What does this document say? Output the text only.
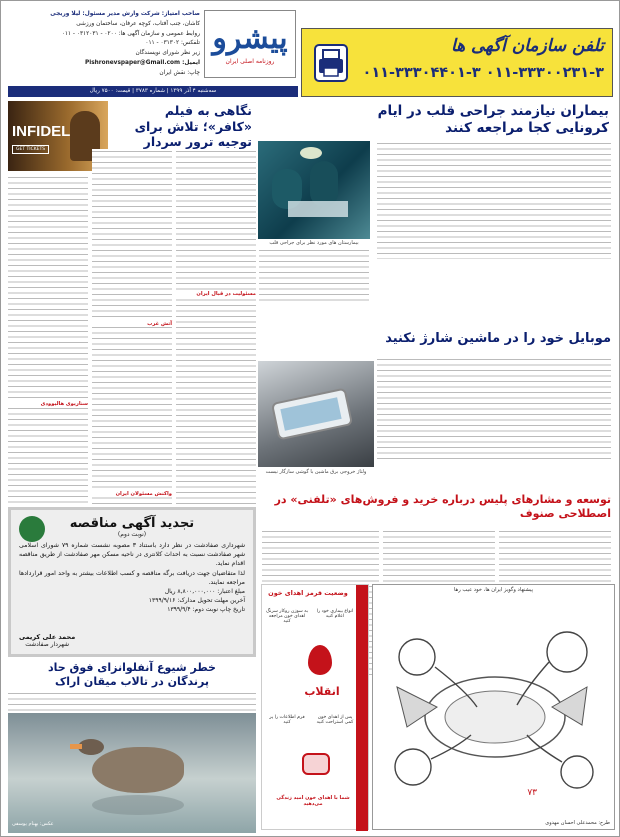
تلفن سازمان آگهی ها
۰۱۱-۳۳۳۰۴۴۰۱-۳ ۰۱۱-۳۳۳۰۰۲۳۱-۳
پیشرو
روزنامه اصلی ایران
صاحب امتیاز: شرکت وارش مدیر مسئول: لیلا وریجی
کاشان، جنب آفتاب، کوچه عرفان، ساختمان ورزشی
روابط عمومی و سازمان آگهی ها: ۰۲۰۰ - ۰۳۱۲۰۳۱ - ۰۱۱
تلفکس: ۰۳۱۳۰۲ - ۰۱۱
زیر نظر شورای نویسندگان
ایمیل: Pishronevspaper@Gmail.com
چاپ: نقش ایران
سه‌شنبه ۴ آذر ۱۳۹۹ | شماره ۳۷۸۳ | قیمت: ۷۵۰۰ ریال
بیماران نیازمند جراحی قلب در ایام کرونایی کجا مراجعه کنند
بیمارستان های مورد نظر برای جراحی قلب
نگاهی به فیلم «کافر»؛ تلاش برای توجیه ترور سردار
INFIDEL
GET TICKETS
مسئولیت در قبال ایران
آتش غرب
سناریوی هالیوودی
واکنش مسئولان ایران
موبایل خود را در ماشین شارژ نکنید
ولتاژ خروجی برق ماشین با گوشی سازگار نیست
توسعه و مشارهای پلیس درباره خرید و فروش‌های «تلفنی» در اصطلاحی صنوف
تجدید آگهی مناقصه
(نوبت دوم)
شهرداری صفادشت در نظر دارد باستناد ۳ مصوبه نشست شماره ۷۹ شورای اسلامی شهر صفادشت نسبت به احداث کلانتری در ناحیه مسکن مهر صفادشت از طریق مناقصه اقدام نماید.
لذا متقاضیان جهت دریافت برگه مناقصه و کسب اطلاعات بیشتر به واحد امور قراردادها مراجعه نمایند.
مبلغ اعتبار: ۸,۸۰۰,۰۰۰,۰۰۰ ریال
آخرین مهلت تحویل مدارک: ۱۳۹۹/۹/۱۶
تاریخ چاپ نوبت دوم: ۱۳۹۹/۹/۴
محمد علی کریمی
شهردار صفادشت
خطر شیوع آنفلوانزای فوق حاد پرندگان در تالاب میقان اراک
عکس: بهنام یوسفی
وضعیت قرمز اهدای خون
انقلاب
به سوزن روکار سرنگ اهدای خون مراجعه کنید
انواع بیماری خود را اعلام کنید
فرم اطلاعات را پر کنید
پس از اهدای خون کمی استراحت کنید
شما با اهدای خون امید زندگی می‌دهید
پیشنهاد وگویز ایران ها، خود عیب رها
۷۳
طرح: محمدعلی احسان مهدوی
